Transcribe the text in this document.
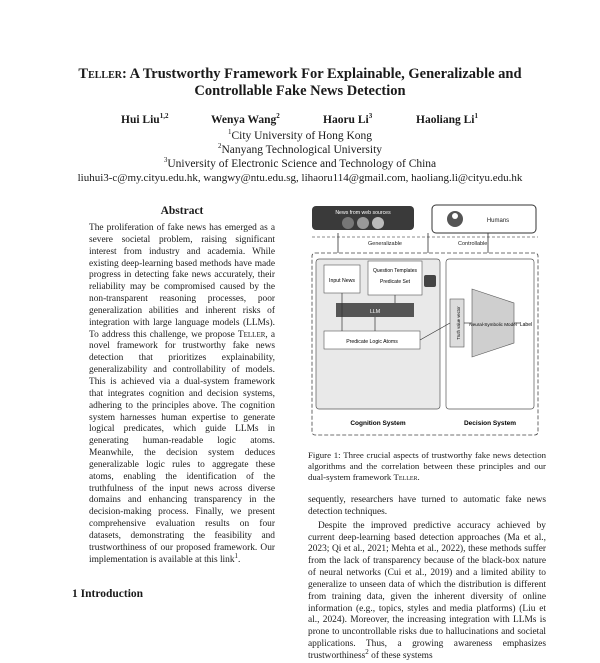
Teller: A Trustworthy Framework For Explainable, Generalizable and
Controllable Fake News Detection
Hui Liu$^{1,2}$	Wenya Wang$^2$	Haoru Li$^3$	Haoliang Li$^1$
$^1$City University of Hong Kong
$^2$Nanyang Technological University
$^3$University of Electronic Science and Technology of China
liuhui3-c@my.cityu.edu.hk, wangwy@ntu.edu.sg, lihaoru114@gmail.com, haoliang.li@cityu.edu.hk
Abstract
The proliferation of fake news has emerged as a severe societal problem, raising significant interest from industry and academia. While existing deep-learning based methods have made progress in detecting fake news accurately, their reliability may be compromised caused by the non-transparent reasoning processes, poor generalization abilities and inherent risks of integration with large language models (LLMs). To address this challenge, we propose Teller, a novel framework for trustworthy fake news detection that prioritizes explainability, generalizability and controllability of models. This is achieved via a dual-system framework that integrates cognition and decision systems, adhering to the principles above. The cognition system harnesses human expertise to generate logical predicates, which guide LLMs in generating human-readable logic atoms. Meanwhile, the decision system deduces generalizable logic rules to aggregate these atoms, enabling the identification of the truthfulness of the input news across diverse domains and enhancing transparency in the decision-making process. Finally, we present comprehensive evaluation results on four datasets, demonstrating the feasibility and trustworthiness of our proposed framework. Our implementation is available at this link$^1$.
1 Introduction
News from web sources
Humans
Generalizable	Controllable
Input News
Question Templates
Predicate Set
LLM
Predicate Logic Atoms
Truth value vector Neural-Symbolic Model Label
Cognition System	Decision System
Figure 1: Three crucial aspects of trustworthy fake news detection algorithms and the correlation between these principles and our dual-system framework Teller.

sequently, researchers have turned to automatic fake news detection techniques.

Despite the improved predictive accuracy achieved by current deep-learning based detection approaches (Ma et al., 2023; Qi et al., 2021; Mehta et al., 2022), these methods suffer from the lack of transparency because of the black-box nature of neural networks (Cui et al., 2019) and a limited ability to generalize to unseen data of which the distribution is different from training data, given the inherent diversity of online information (e.g., topics, styles and media platforms) (Liu et al., 2024). Moreover, the increasing integration with LLMs is prone to uncontrollable risks due to hallucinations and societal applications. Thus, a growing awareness emphasizes trustworthiness$^2$ of these systems
